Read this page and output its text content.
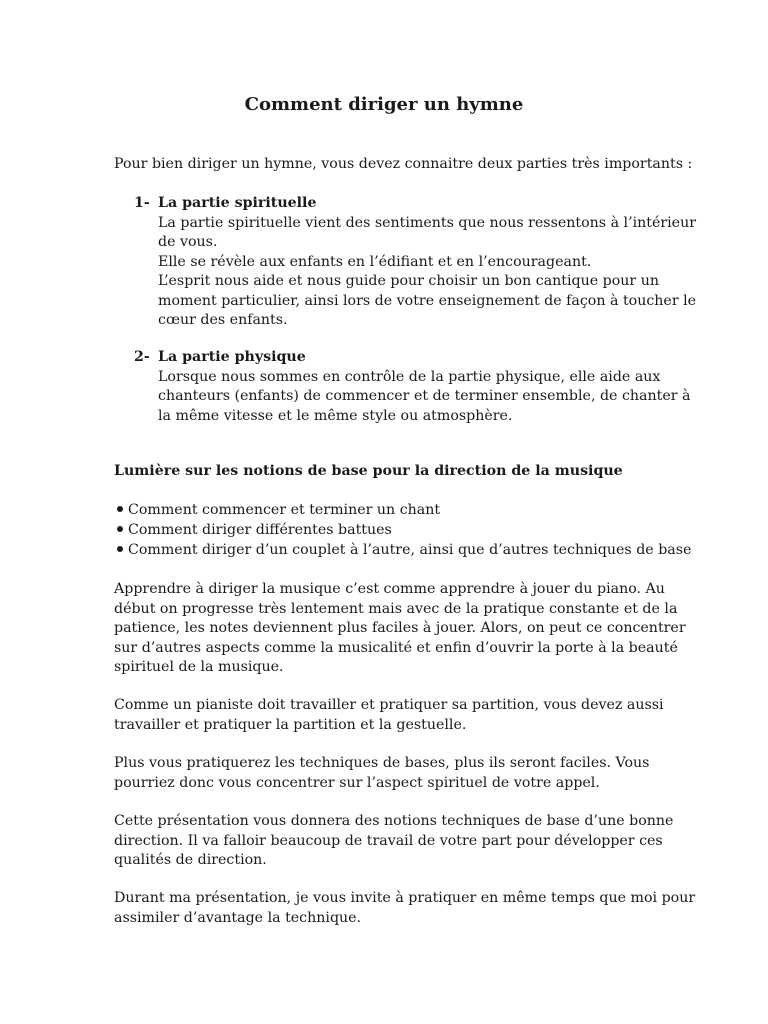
Comment diriger un hymne
Pour bien diriger un hymne, vous devez connaitre deux parties très importants :
1- La partie spirituelle
La partie spirituelle vient des sentiments que nous ressentons à l’intérieur
de vous.
Elle se révèle aux enfants en l’édifiant et en l’encourageant.
L’esprit nous aide et nous guide pour choisir un bon cantique pour un
moment particulier, ainsi lors de votre enseignement de façon à toucher le
cœur des enfants.
2- La partie physique
Lorsque nous sommes en contrôle de la partie physique, elle aide aux
chanteurs (enfants) de commencer et de terminer ensemble, de chanter à
la même vitesse et le même style ou atmosphère.
Lumière sur les notions de base pour la direction de la musique
Comment commencer et terminer un chant
Comment diriger différentes battues
Comment diriger d’un couplet à l’autre, ainsi que d’autres techniques de base
Apprendre à diriger la musique c’est comme apprendre à jouer du piano. Au
début on progresse très lentement mais avec de la pratique constante et de la
patience, les notes deviennent plus faciles à jouer. Alors, on peut ce concentrer
sur d’autres aspects comme la musicalité et enfin d’ouvrir la porte à la beauté
spirituel de la musique.
Comme un pianiste doit travailler et pratiquer sa partition, vous devez aussi
travailler et pratiquer la partition et la gestuelle.
Plus vous pratiquerez les techniques de bases, plus ils seront faciles. Vous
pourriez donc vous concentrer sur l’aspect spirituel de votre appel.
Cette présentation vous donnera des notions techniques de base d’une bonne
direction. Il va falloir beaucoup de travail de votre part pour développer ces
qualités de direction.
Durant ma présentation, je vous invite à pratiquer en même temps que moi pour
assimiler d’avantage la technique.
